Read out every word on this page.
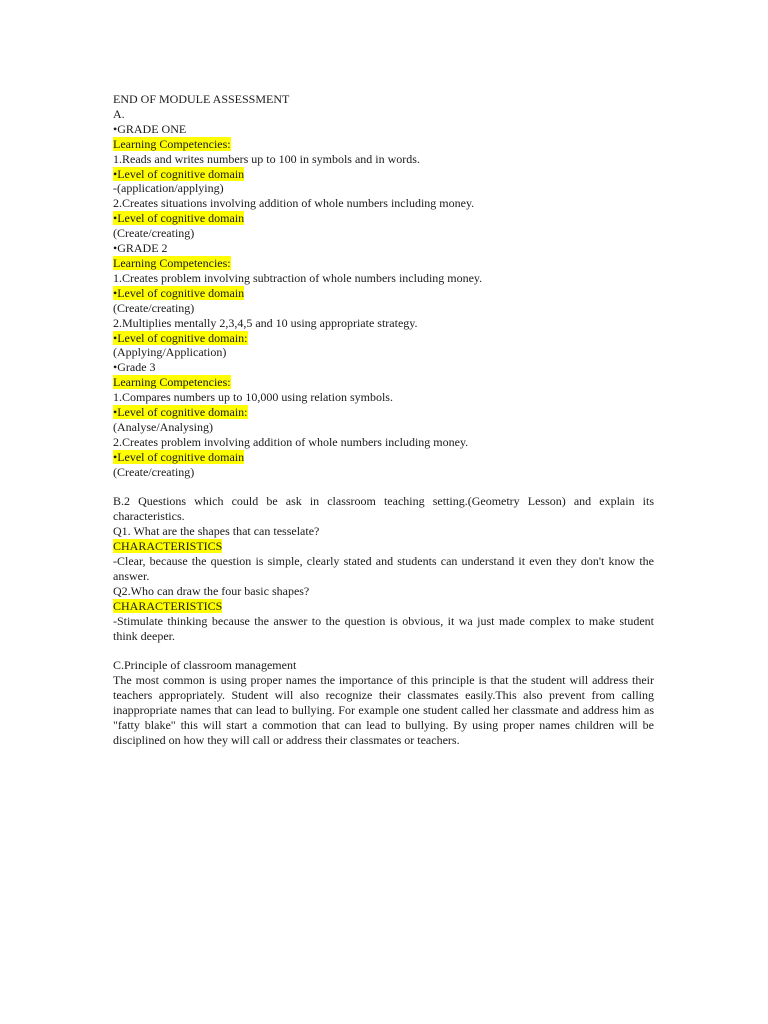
END OF MODULE ASSESSMENT
A.
•GRADE ONE
Learning Competencies:
1.Reads and writes numbers up to 100 in symbols and in words.
•Level of cognitive domain
-(application/applying)
2.Creates situations involving addition of whole numbers including money.
•Level of cognitive domain
(Create/creating)
•GRADE 2
Learning Competencies:
1.Creates problem involving subtraction of whole numbers including money.
•Level of cognitive domain
(Create/creating)
2.Multiplies mentally 2,3,4,5 and 10 using appropriate strategy.
•Level of cognitive domain:
(Applying/Application)
•Grade 3
Learning Competencies:
1.Compares numbers up to 10,000 using relation symbols.
•Level of cognitive domain:
(Analyse/Analysing)
2.Creates problem involving addition of whole numbers including money.
•Level of cognitive domain
(Create/creating)
B.2 Questions which could be ask in classroom teaching setting.(Geometry Lesson) and explain its characteristics.
Q1. What are the shapes that can tesselate?
CHARACTERISTICS
-Clear, because the question is simple, clearly stated and students can understand it even they don't know the answer.
Q2.Who can draw the four basic shapes?
CHARACTERISTICS
-Stimulate thinking because the answer to the question is obvious, it wa just made complex to make student think deeper.
C.Principle of classroom management
The most common is using proper names the importance of this principle is that the student will address their teachers appropriately. Student will also recognize their classmates easily.This also prevent from calling inappropriate names that can lead to bullying. For example one student called her classmate and address him as "fatty blake" this will start a commotion that can lead to bullying. By using proper names children will be disciplined on how they will call or address their classmates or teachers.
